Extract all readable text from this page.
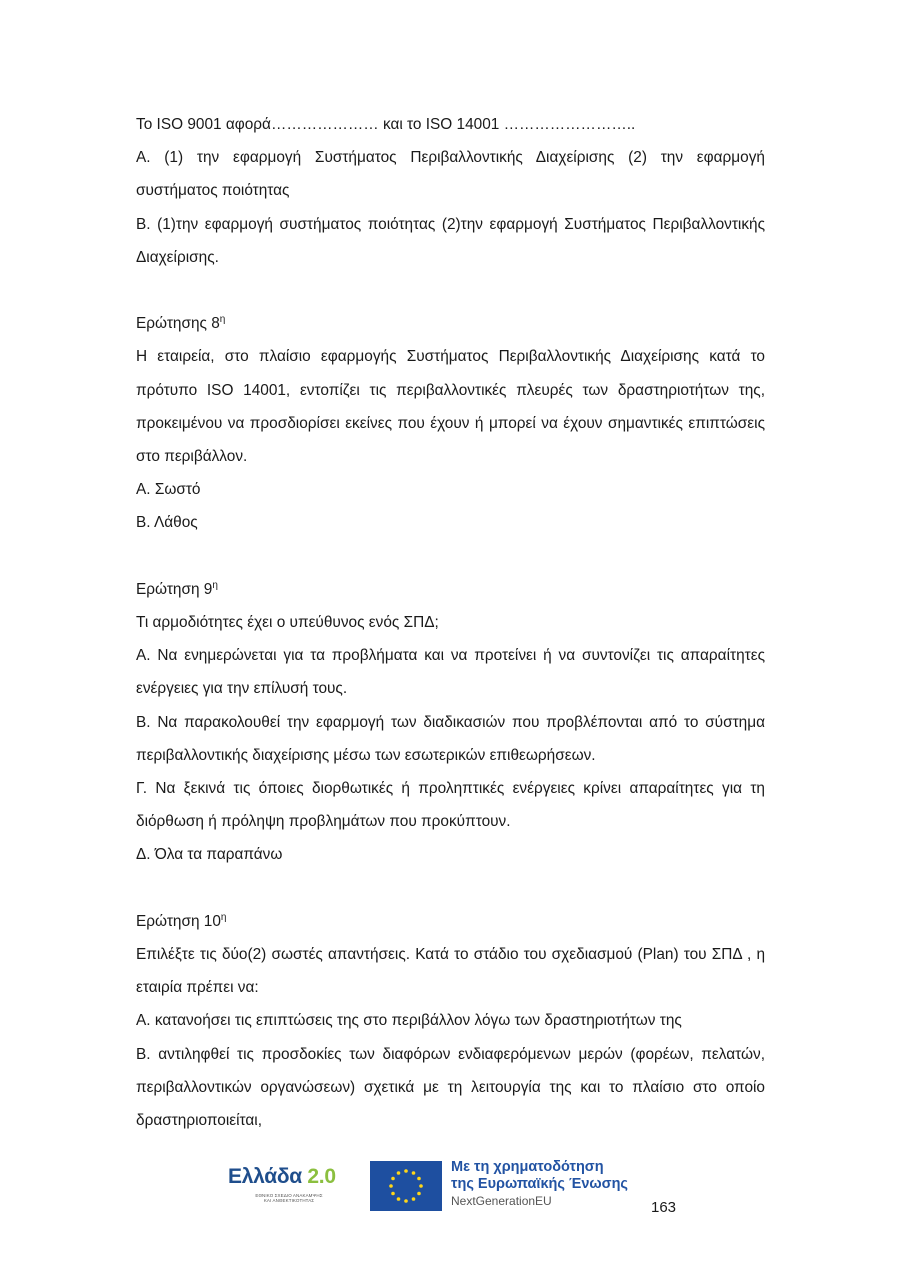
Το ISO 9001 αφορά………………… και το ISO 14001 ……………………..

Α. (1) την εφαρμογή Συστήματος Περιβαλλοντικής Διαχείρισης (2) την εφαρμογή συστήματος ποιότητας

Β. (1)την εφαρμογή συστήματος ποιότητας (2)την εφαρμογή Συστήματος Περιβαλλοντικής Διαχείρισης.

Ερώτησης $8^\eta$

Η εταιρεία, στο πλαίσιο εφαρμογής Συστήματος Περιβαλλοντικής Διαχείρισης κατά το πρότυπο ISO 14001, εντοπίζει τις περιβαλλοντικές πλευρές των δραστηριοτήτων της, προκειμένου να προσδιορίσει εκείνες που έχουν ή μπορεί να έχουν σημαντικές επιπτώσεις στο περιβάλλον.

Α. Σωστό

Β. Λάθος

Ερώτηση $9^\eta$

Τι αρμοδιότητες έχει ο υπεύθυνος ενός ΣΠΔ;

Α. Να ενημερώνεται για τα προβλήματα και να προτείνει ή να συντονίζει τις απαραίτητες ενέργειες για την επίλυσή τους.

Β. Να παρακολουθεί την εφαρμογή των διαδικασιών που προβλέπονται από το σύστημα περιβαλλοντικής διαχείρισης μέσω των εσωτερικών επιθεωρήσεων.

Γ. Να ξεκινά τις όποιες διορθωτικές ή προληπτικές ενέργειες κρίνει απαραίτητες για τη διόρθωση ή πρόληψη προβλημάτων που προκύπτουν.

Δ. Όλα τα παραπάνω

Ερώτηση $10^\eta$

Επιλέξτε τις δύο(2) σωστές απαντήσεις. Κατά το στάδιο του σχεδιασμού (Plan) του ΣΠΔ , η εταιρία πρέπει να:

Α. κατανοήσει τις επιπτώσεις της στο περιβάλλον λόγω των δραστηριοτήτων της

Β. αντιληφθεί τις προσδοκίες των διαφόρων ενδιαφερόμενων μερών (φορέων, πελατών, περιβαλλοντικών οργανώσεων) σχετικά με τη λειτουργία της και το πλαίσιο στο οποίο δραστηριοποιείται,

Ελλάδα 2.0
ΕΘΝΙΚΟ ΣΧΕΔΙΟ ΑΝΑΚΑΜΨΗΣ ΚΑΙ ΑΝΘΕΚΤΙΚΟΤΗΤΑΣ
Με τη χρηματοδότηση
της Ευρωπαϊκής Ένωσης
NextGenerationEU	163
